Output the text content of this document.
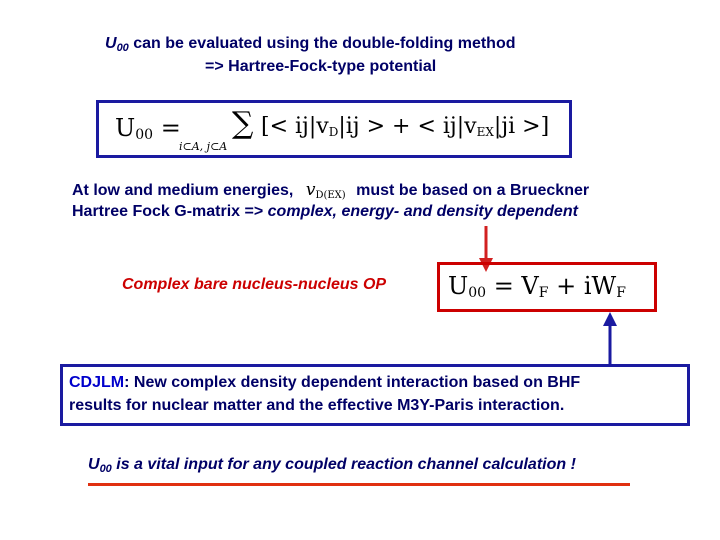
$U_{00}$ can be evaluated using the double-folding method
=> Hartree-Fock-type potential
$U_{00}$ = ∑
i⊂A, j⊂A
[< $ij|v_D|ij$ > + < $ij|v_{EX}|ji$ >]
At low and medium energies, $v_{D(EX)}$ must be based on a Brueckner
Hartree Fock G-matrix => complex, energy- and density dependent
Complex bare nucleus-nucleus OP	$U_{00} = V_F + iW_F$
CDJLM: New complex density dependent interaction based on BHF
results for nuclear matter and the effective M3Y-Paris interaction.
$U_{00}$ is a vital input for any coupled reaction channel calculation !
